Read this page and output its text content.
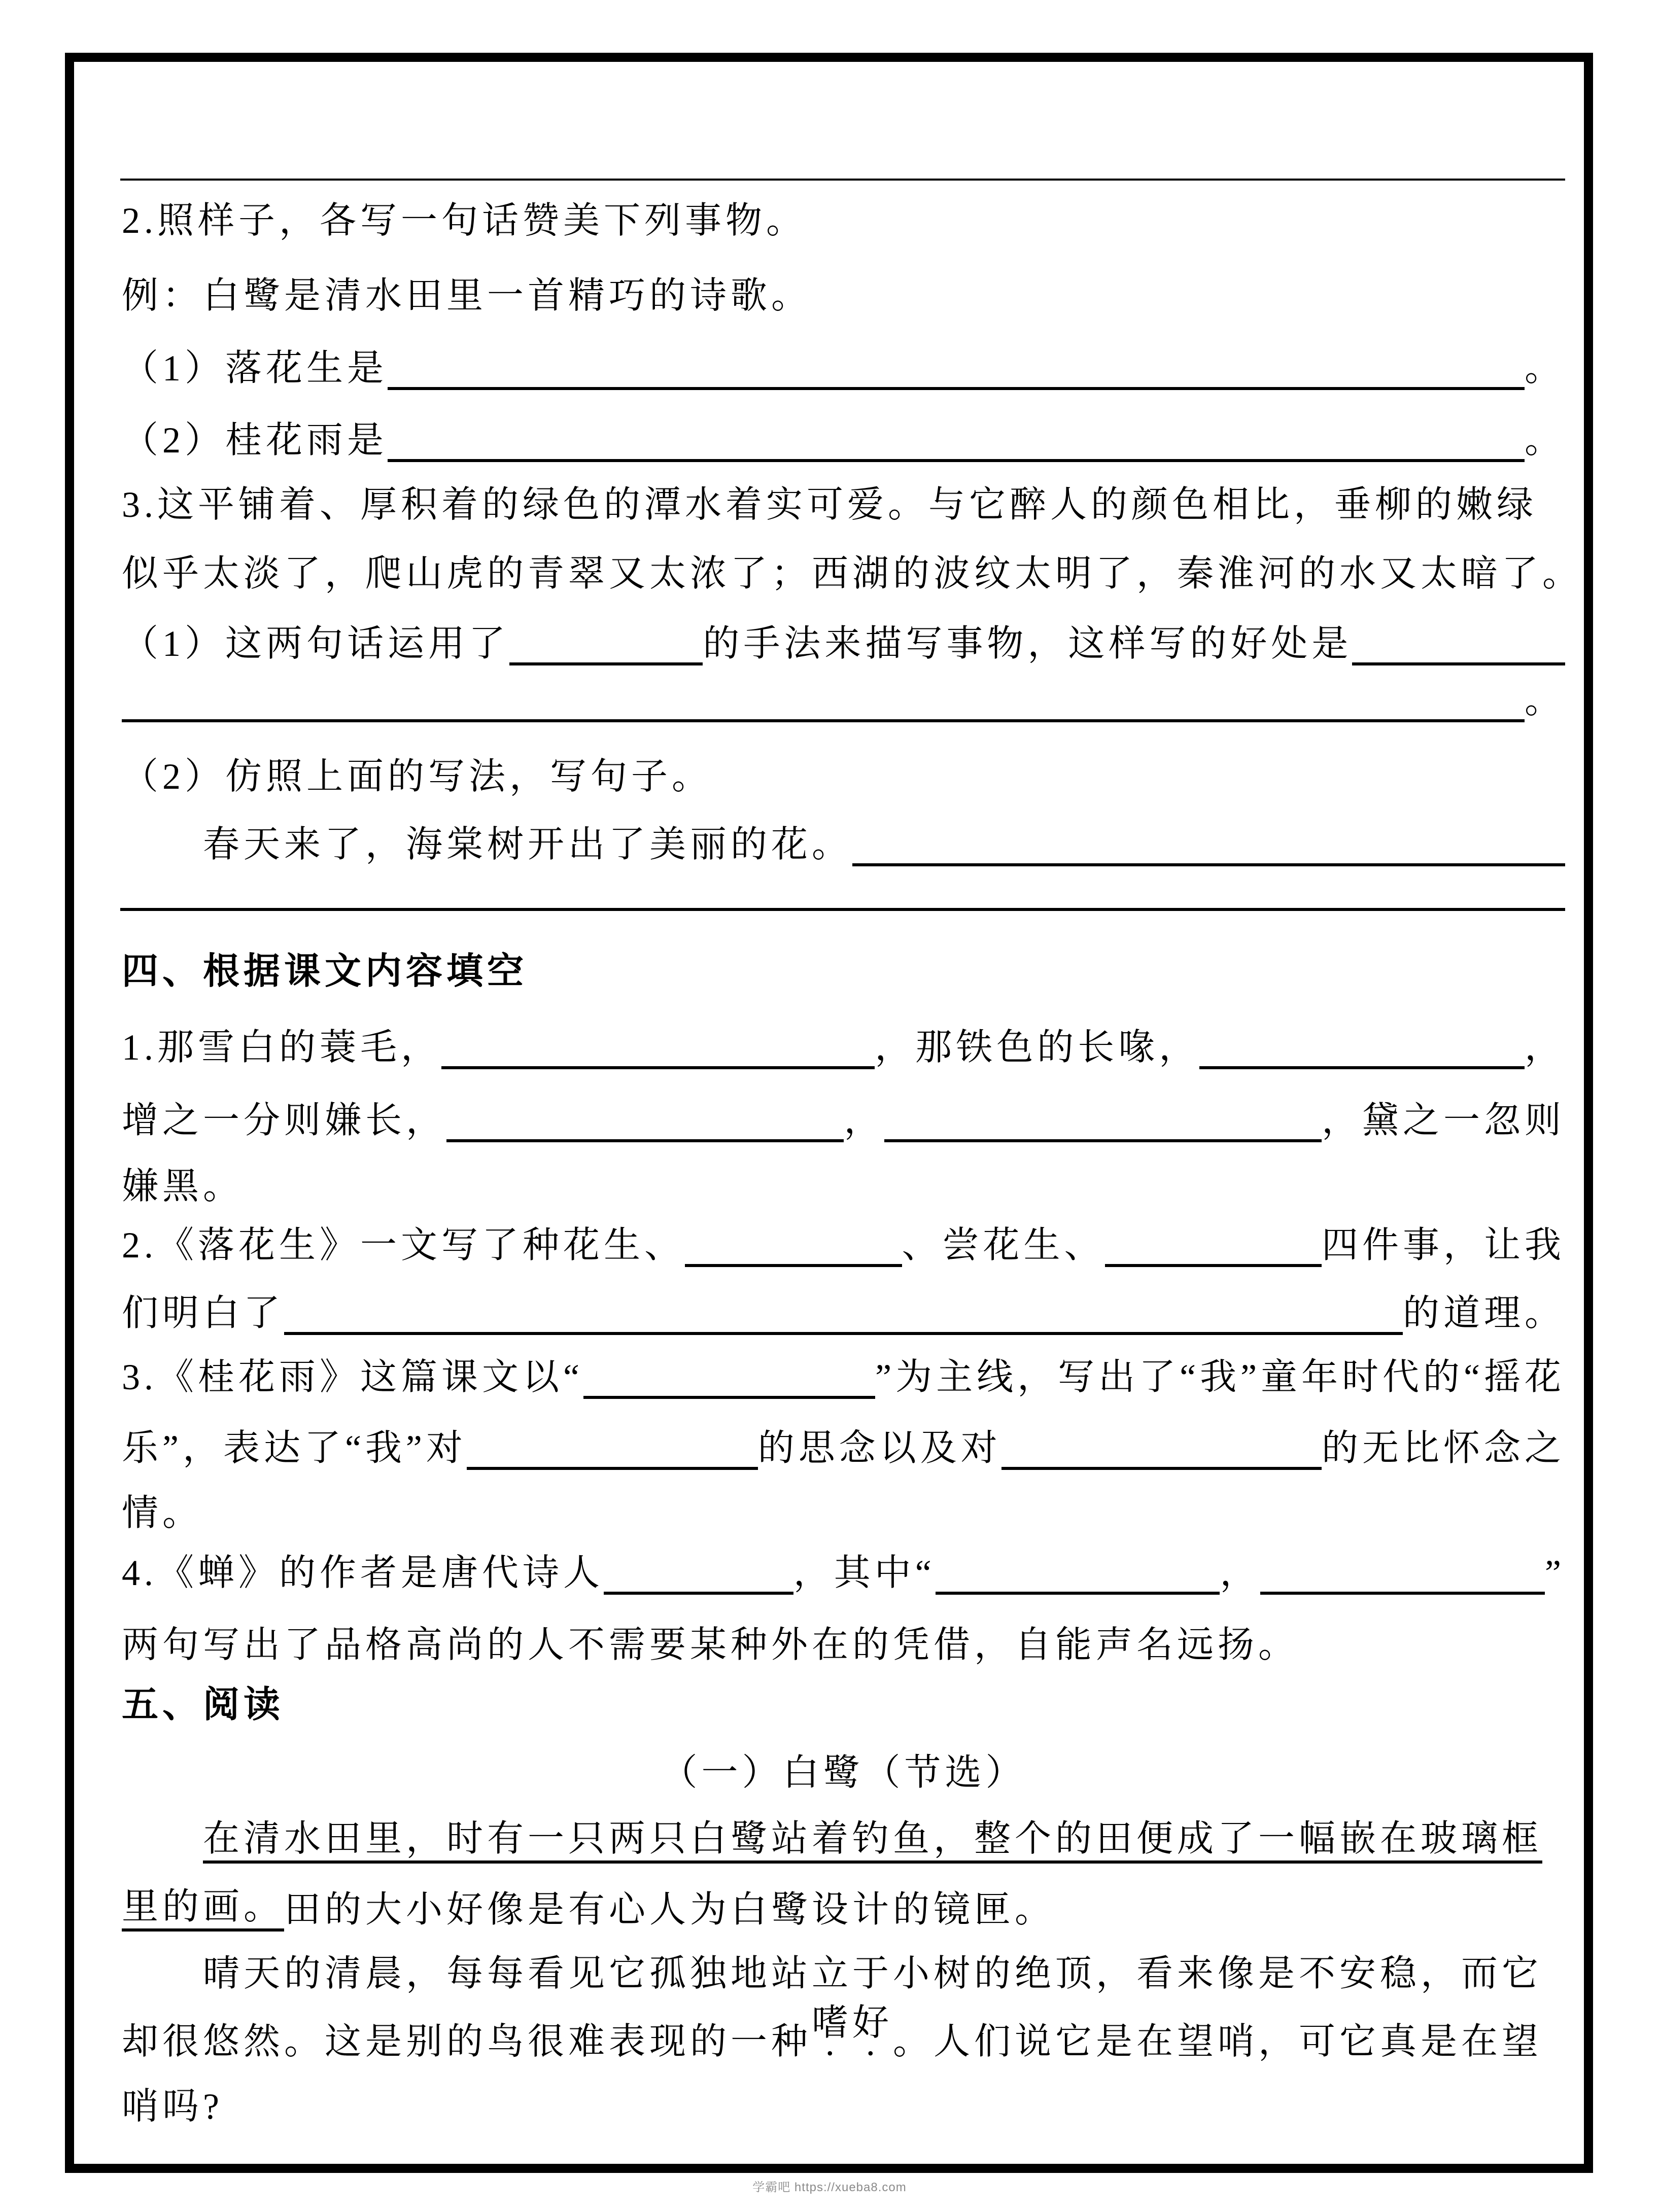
2.照样子，各写一句话赞美下列事物。
例：白鹭是清水田里一首精巧的诗歌。
（1）落花生是	。
（2）桂花雨是	。
3.这平铺着、厚积着的绿色的潭水着实可爱。与它醉人的颜色相比，垂柳的嫩绿
似乎太淡了，爬山虎的青翠又太浓了；西湖的波纹太明了，秦淮河的水又太暗了。
（1）这两句话运用了	的手法来描写事物，这样写的好处是
。
（2）仿照上面的写法，写句子。
春天来了，海棠树开出了美丽的花。
四、根据课文内容填空
1.那雪白的蓑毛，	，那铁色的长喙，	，
增之一分则嫌长，	，	，黛之一忽则
嫌黑。
2.《落花生》一文写了种花生、	、尝花生、	四件事，让我
们明白了	的道理。
3.《桂花雨》这篇课文以“	”为主线，写出了“我”童年时代的“摇花
乐”，表达了“我”对	的思念以及对	的无比怀念之
情。
4.《蝉》的作者是唐代诗人	，其中“	，	”
两句写出了品格高尚的人不需要某种外在的凭借，自能声名远扬。
五、阅读
（一）白鹭（节选）
在清水田里，时有一只两只白鹭站着钓鱼，整个的田便成了一幅嵌在玻璃框
里的画。 田的大小好像是有心人为白鹭设计的镜匣。
晴天的清晨，每每看见它孤独地站立于小树的绝顶，看来像是不安稳，而它
却很悠然。这是别的鸟很难表现的一种 嗜好 。人们说它是在望哨，可它真是在望
哨吗?
学霸吧 https://xueba8.com
